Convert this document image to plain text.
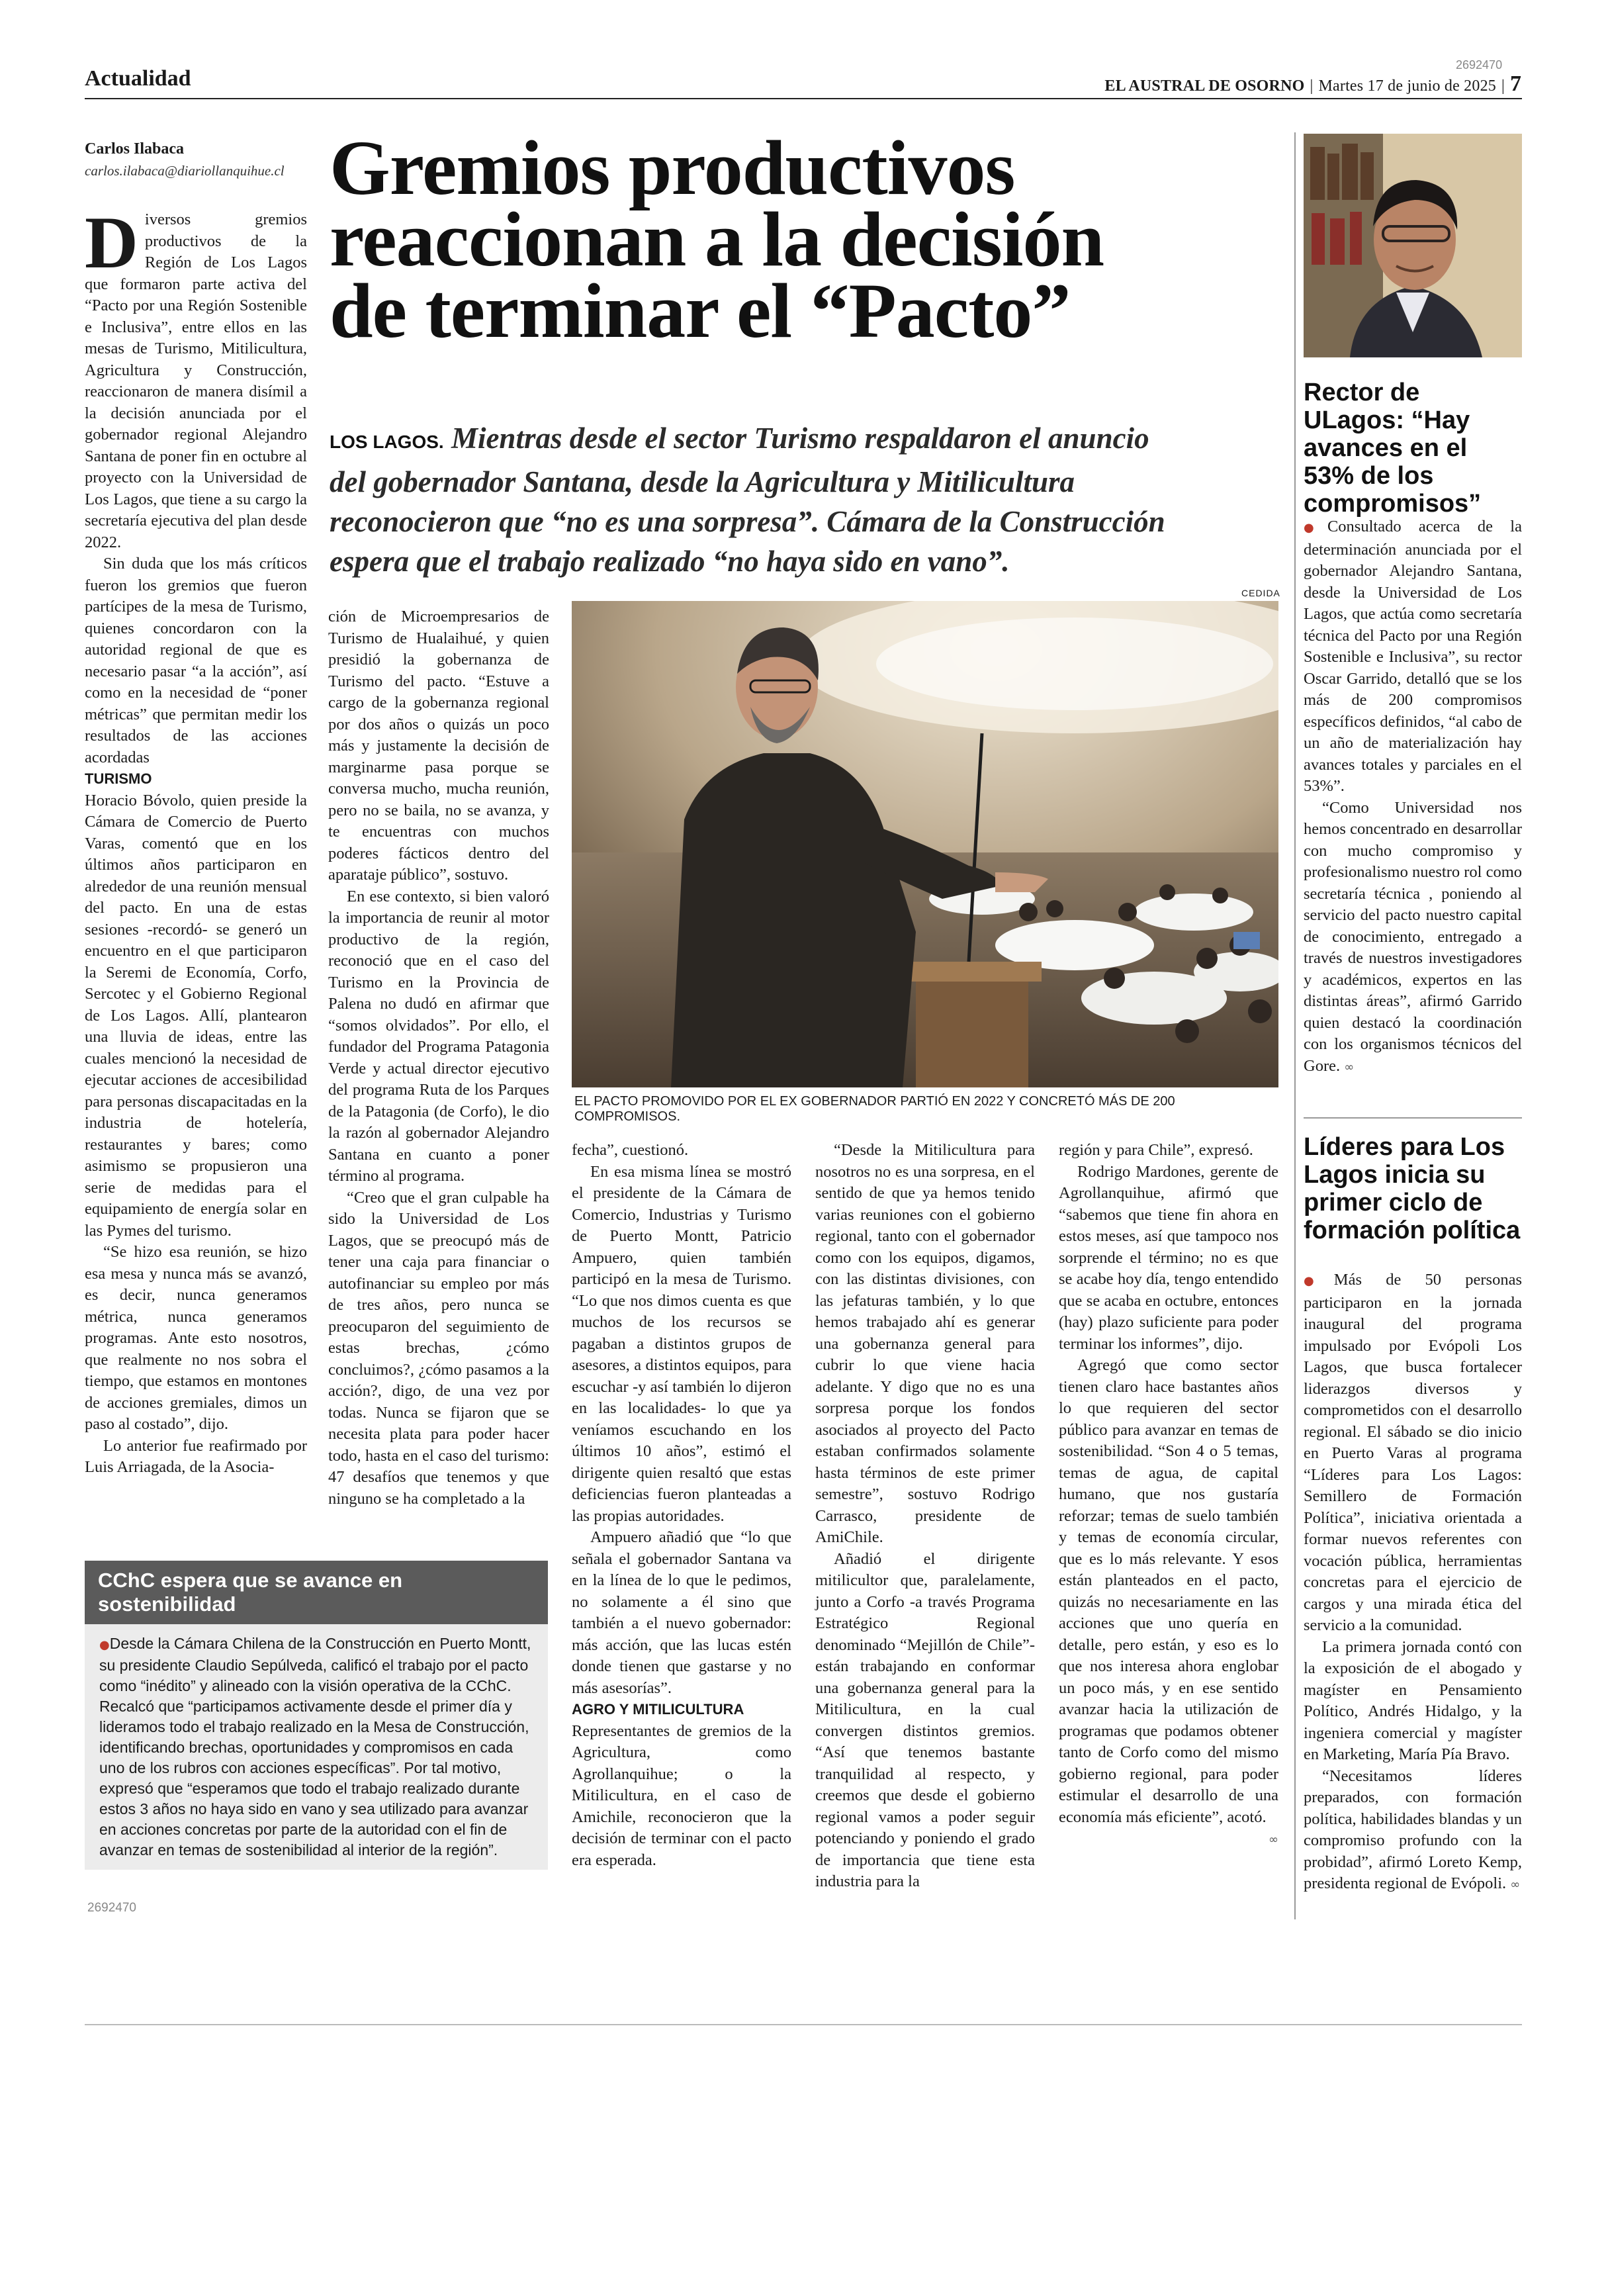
Actualidad
2692470
EL AUSTRAL DE OSORNO | Martes 17 de junio de 2025 | 7
Carlos Ilabaca
carlos.ilabaca@diariollanquihue.cl Gremios productivos
reaccionan a la decisión
de terminar el “Pacto”
LOS LAGOS. Mientras desde el sector Turismo respaldaron el anuncio
del gobernador Santana, desde la Agricultura y Mitilicultura
reconocieron que “no es una sorpresa”. Cámara de la Construcción
espera que el trabajo realizado “no haya sido en vano”.
CEDIDA
EL PACTO PROMOVIDO POR EL EX GOBERNADOR PARTIÓ EN 2022 Y CONCRETÓ MÁS DE 200 COMPROMISOS.

Diversos gremios productivos de la Región de Los Lagos que formaron parte activa del “Pacto por una Región Sostenible e Inclusiva”, entre ellos en las mesas de Turismo, Mitilicultura, Agricultura y Construcción, reaccionaron de manera disímil a la decisión anunciada por el gobernador regional Alejandro Santana de poner fin en octubre al proyecto con la Universidad de Los Lagos, que tiene a su cargo la secretaría ejecutiva del plan desde 2022.

Sin duda que los más críticos fueron los gremios que fueron partícipes de la mesa de Turismo, quienes concordaron con la autoridad regional de que es necesario pasar “a la acción”, así como en la necesidad de “poner métricas” que permitan medir los resultados de las acciones acordadas

TURISMO

Horacio Bóvolo, quien preside la Cámara de Comercio de Puerto Varas, comentó que en los últimos años participaron en alrededor de una reunión mensual del pacto. En una de estas sesiones -recordó- se generó un encuentro en el que participaron la Seremi de Economía, Corfo, Sercotec y el Gobierno Regional de Los Lagos. Allí, plantearon una lluvia de ideas, entre las cuales mencionó la necesidad de ejecutar acciones de accesibilidad para personas discapacitadas en la industria de hotelería, restaurantes y bares; como asimismo se propusieron una serie de medidas para el equipamiento de energía solar en las Pymes del turismo.

“Se hizo esa reunión, se hizo esa mesa y nunca más se avanzó, es decir, nunca generamos métrica, nunca generamos programas. Ante esto nosotros, que realmente no nos sobra el tiempo, que estamos en montones de acciones gremiales, dimos un paso al costado”, dijo.

Lo anterior fue reafirmado por Luis Arriagada, de la Asocia-

ción de Microempresarios de Turismo de Hualaihué, y quien presidió la gobernanza de Turismo del pacto. “Estuve a cargo de la gobernanza regional por dos años o quizás un poco más y justamente la decisión de marginarme pasa porque se conversa mucho, mucha reunión, pero no se baila, no se avanza, y te encuentras con muchos poderes fácticos dentro del aparataje público”, sostuvo.

En ese contexto, si bien valoró la importancia de reunir al motor productivo de la región, reconoció que en el caso del Turismo en la Provincia de Palena no dudó en afirmar que “somos olvidados”. Por ello, el fundador del Programa Patagonia Verde y actual director ejecutivo del programa Ruta de los Parques de la Patagonia (de Corfo), le dio la razón al gobernador Alejandro Santana en cuanto a poner término al programa.

“Creo que el gran culpable ha sido la Universidad de Los Lagos, que se preocupó más de tener una caja para financiar o autofinanciar su empleo por más de tres años, pero nunca se preocuparon del seguimiento de estas brechas, ¿cómo concluimos?, ¿cómo pasamos a la acción?, digo, de una vez por todas. Nunca se fijaron que se necesita plata para poder hacer todo, hasta en el caso del turismo: 47 desafíos que tenemos y que ninguno se ha completado a la

fecha”, cuestionó.

En esa misma línea se mostró el presidente de la Cámara de Comercio, Industrias y Turismo de Puerto Montt, Patricio Ampuero, quien también participó en la mesa de Turismo. “Lo que nos dimos cuenta es que muchos de los recursos se pagaban a distintos grupos de asesores, a distintos equipos, para escuchar -y así también lo dijeron en las localidades- lo que ya veníamos escuchando en los últimos 10 años”, estimó el dirigente quien resaltó que estas deficiencias fueron planteadas a las propias autoridades.

Ampuero añadió que “lo que señala el gobernador Santana va en la línea de lo que le pedimos, no solamente a él sino que también a el nuevo gobernador: más acción, que las lucas estén donde tienen que gastarse y no más asesorías”.

AGRO Y MITILICULTURA

Representantes de gremios de la Agricultura, como Agrollanquihue; o la Mitilicultura, en el caso de Amichile, reconocieron que la decisión de terminar con el pacto era esperada.

“Desde la Mitilicultura para nosotros no es una sorpresa, en el sentido de que ya hemos tenido varias reuniones con el gobierno regional, tanto con el gobernador como con los equipos, digamos, con las distintas divisiones, con las jefaturas también, y lo que hemos trabajado ahí es generar una gobernanza general para cubrir lo que viene hacia adelante. Y digo que no es una sorpresa porque los fondos asociados al proyecto del Pacto estaban confirmados solamente hasta términos de este primer semestre”, sostuvo Rodrigo Carrasco, presidente de AmiChile.

Añadió el dirigente mitilicultor que, paralelamente, junto a Corfo -a través Programa Estratégico Regional denominado “Mejillón de Chile”- están trabajando en conformar una gobernanza general para la Mitilicultura, en la cual convergen distintos gremios. “Así que tenemos bastante tranquilidad al respecto, y creemos que desde el gobierno regional vamos a poder seguir potenciando y poniendo el grado de importancia que tiene esta industria para la

región y para Chile”, expresó.

Rodrigo Mardones, gerente de Agrollanquihue, afirmó que “sabemos que tiene fin ahora en estos meses, así que tampoco nos sorprende el término; no es que se acabe hoy día, tengo entendido que se acaba en octubre, entonces (hay) plazo suficiente para poder terminar los informes”, dijo.

Agregó que como sector tienen claro hace bastantes años lo que requieren del sector público para avanzar en temas de sostenibilidad. “Son 4 o 5 temas, temas de agua, de capital humano, que nos gustaría reforzar; temas de suelo también y temas de economía circular, que es lo más relevante. Y esos están planteados en el pacto, quizás no necesariamente en las acciones que uno quería en detalle, pero están, y eso es lo que nos interesa ahora englobar un poco más, y en ese sentido avanzar hacia la utilización de programas que podamos obtener tanto de Corfo como del mismo gobierno regional, para poder estimular el desarrollo de una economía más eficiente”, acotó.

∞

CChC espera que se avance en sostenibilidad
●Desde la Cámara Chilena de la Construcción en Puerto Montt, su presidente Claudio Sepúlveda, calificó el trabajo por el pacto como “inédito” y alineado con la visión operativa de la CChC. Recalcó que “participamos activamente desde el primer día y lideramos todo el trabajo realizado en la Mesa de Construcción, identificando brechas, oportunidades y compromisos en cada uno de los rubros con acciones específicas”. Por tal motivo, expresó que “esperamos que todo el trabajo realizado durante estos 3 años no haya sido en vano y sea utilizado para avanzar en acciones concretas por parte de la autoridad con el fin de avanzar en temas de sostenibilidad al interior de la región”.
2692470
Rector de ULagos: “Hay avances en el 53% de los compromisos”

●Consultado acerca de la determinación anunciada por el gobernador Alejandro Santana, desde la Universidad de Los Lagos, que actúa como secretaría técnica del Pacto por una Región Sostenible e Inclusiva”, su rector Oscar Garrido, detalló que se los más de 200 compromisos específicos definidos, “al cabo de un año de materialización hay avances totales y parciales en el 53%”.

“Como Universidad nos hemos concentrado en desarrollar con mucho compromiso y profesionalismo nuestro rol como secretaría técnica , poniendo al servicio del pacto nuestro capital de conocimiento, entregado a través de nuestros investigadores y académicos, expertos en las distintas áreas”, afirmó Garrido quien destacó la coordinación con los organismos técnicos del Gore. ∞

Líderes para Los Lagos inicia su primer ciclo de formación política

●Más de 50 personas participaron en la jornada inaugural del programa impulsado por Evópoli Los Lagos, que busca fortalecer liderazgos diversos y comprometidos con el desarrollo regional. El sábado se dio inicio en Puerto Varas al programa “Líderes para Los Lagos: Semillero de Formación Política”, iniciativa orientada a formar nuevos referentes con vocación pública, herramientas concretas para el ejercicio de cargos y una mirada ética del servicio a la comunidad.

La primera jornada contó con la exposición de el abogado y magíster en Pensamiento Político, Andrés Hidalgo, y la ingeniera comercial y magíster en Marketing, María Pía Bravo.

“Necesitamos líderes preparados, con formación política, habilidades blandas y un compromiso profundo con la probidad”, afirmó Loreto Kemp, presidenta regional de Evópoli. ∞
